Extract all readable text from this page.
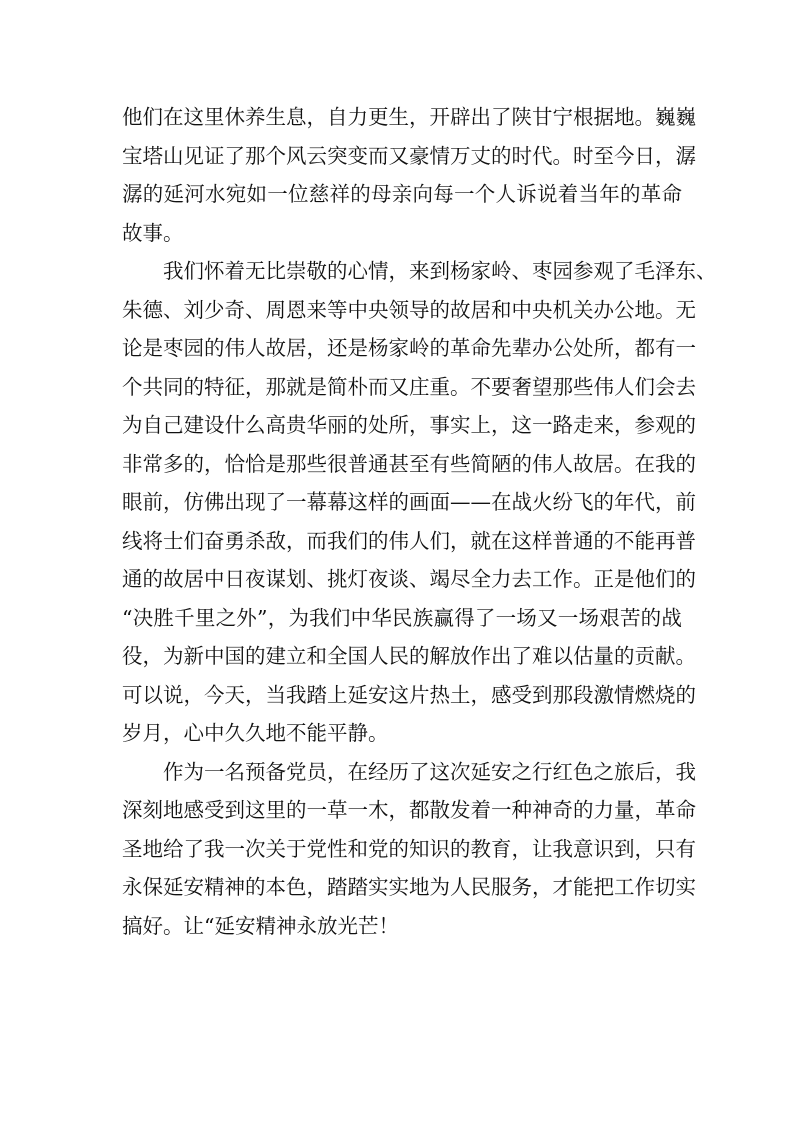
他 们 在 这 里 休 养 生 息 ， 自 力 更 生 ， 开 辟 出 了 陕 甘 宁 根 据 地 。 巍 巍
宝 塔 山 见 证 了 那 个 风 云 突 变 而 又 豪 情 万 丈 的 时 代 。 时 至 今 日 ， 潺
潺 的 延 河 水 宛 如 一 位 慈 祥 的 母 亲 向 每 一 个 人 诉 说 着 当 年 的 革 命
故事。
我 们 怀 着 无 比 崇 敬 的 心 情 ， 来 到 杨 家 岭 、 枣 园 参 观 了 毛 泽 东 、
朱 德 、 刘 少 奇 、 周 恩 来 等 中 央 领 导 的 故 居 和 中 央 机 关 办 公 地 。 无
论 是 枣 园 的 伟 人 故 居 ， 还 是 杨 家 岭 的 革 命 先 辈 办 公 处 所 ， 都 有 一
个 共 同 的 特 征 ， 那 就 是 简 朴 而 又 庄 重 。 不 要 奢 望 那 些 伟 人 们 会 去
为 自 己 建 设 什 么 高 贵 华 丽 的 处 所 ， 事 实 上 ， 这 一 路 走 来 ， 参 观 的
非 常 多 的 ， 恰 恰 是 那 些 很 普 通 甚 至 有 些 简 陋 的 伟 人 故 居 。 在 我 的
眼 前 ， 仿 佛 出 现 了 一 幕 幕 这 样 的 画 面 — — 在 战 火 纷 飞 的 年 代 ， 前
线 将 士 们 奋 勇 杀 敌 ， 而 我 们 的 伟 人 们 ， 就 在 这 样 普 通 的 不 能 再 普
通 的 故 居 中 日 夜 谋 划 、 挑 灯 夜 谈 、 竭 尽 全 力 去 工 作 。 正 是 他 们 的
“ 决 胜 千 里 之 外 ” ， 为 我 们 中 华 民 族 赢 得 了 一 场 又 一 场 艰 苦 的 战
役 ， 为 新 中 国 的 建 立 和 全 国 人 民 的 解 放 作 出 了 难 以 估 量 的 贡 献 。
可 以 说 ， 今 天 ， 当 我 踏 上 延 安 这 片 热 土 ， 感 受 到 那 段 激 情 燃 烧 的
岁月，心中久久地不能平静。
作 为 一 名 预 备 党 员 ， 在 经 历 了 这 次 延 安 之 行 红 色 之 旅 后 ， 我
深 刻 地 感 受 到 这 里 的 一 草 一 木 ， 都 散 发 着 一 种 神 奇 的 力 量 ， 革 命
圣 地 给 了 我 一 次 关 于 党 性 和 党 的 知 识 的 教 育 ， 让 我 意 识 到 ， 只 有
永 保 延 安 精 神 的 本 色 ， 踏 踏 实 实 地 为 人 民 服 务 ， 才 能 把 工 作 切 实
搞好。让“延安精神永放光芒！
